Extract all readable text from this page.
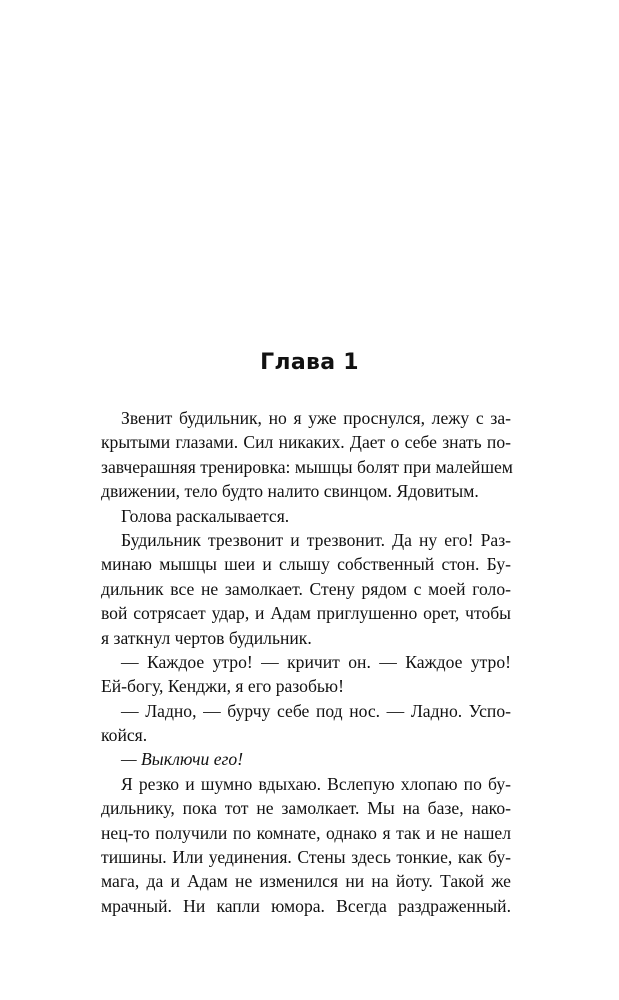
Глава 1
Звенит будильник, но я уже проснулся, лежу с за-
крытыми глазами. Сил никаких. Дает о себе знать по-
завчерашняя тренировка: мышцы болят при малейшем
движении, тело будто налито свинцом. Ядовитым.
Голова раскалывается.
Будильник трезвонит и трезвонит. Да ну его! Раз-
минаю мышцы шеи и слышу собственный стон. Бу-
дильник все не замолкает. Стену рядом с моей голо-
вой сотрясает удар, и Адам приглушенно орет, чтобы
я заткнул чертов будильник.
— Каждое утро! — кричит он. — Каждое утро!
Ей-богу, Кенджи, я его разобью!
— Ладно, — бурчу себе под нос. — Ладно. Успо-
койся.
— Выключи его!
Я резко и шумно вдыхаю. Вслепую хлопаю по бу-
дильнику, пока тот не замолкает. Мы на базе, нако-
нец-то получили по комнате, однако я так и не нашел
тишины. Или уединения. Стены здесь тонкие, как бу-
мага, да и Адам не изменился ни на йоту. Такой же
мрачный. Ни капли юмора. Всегда раздраженный.
